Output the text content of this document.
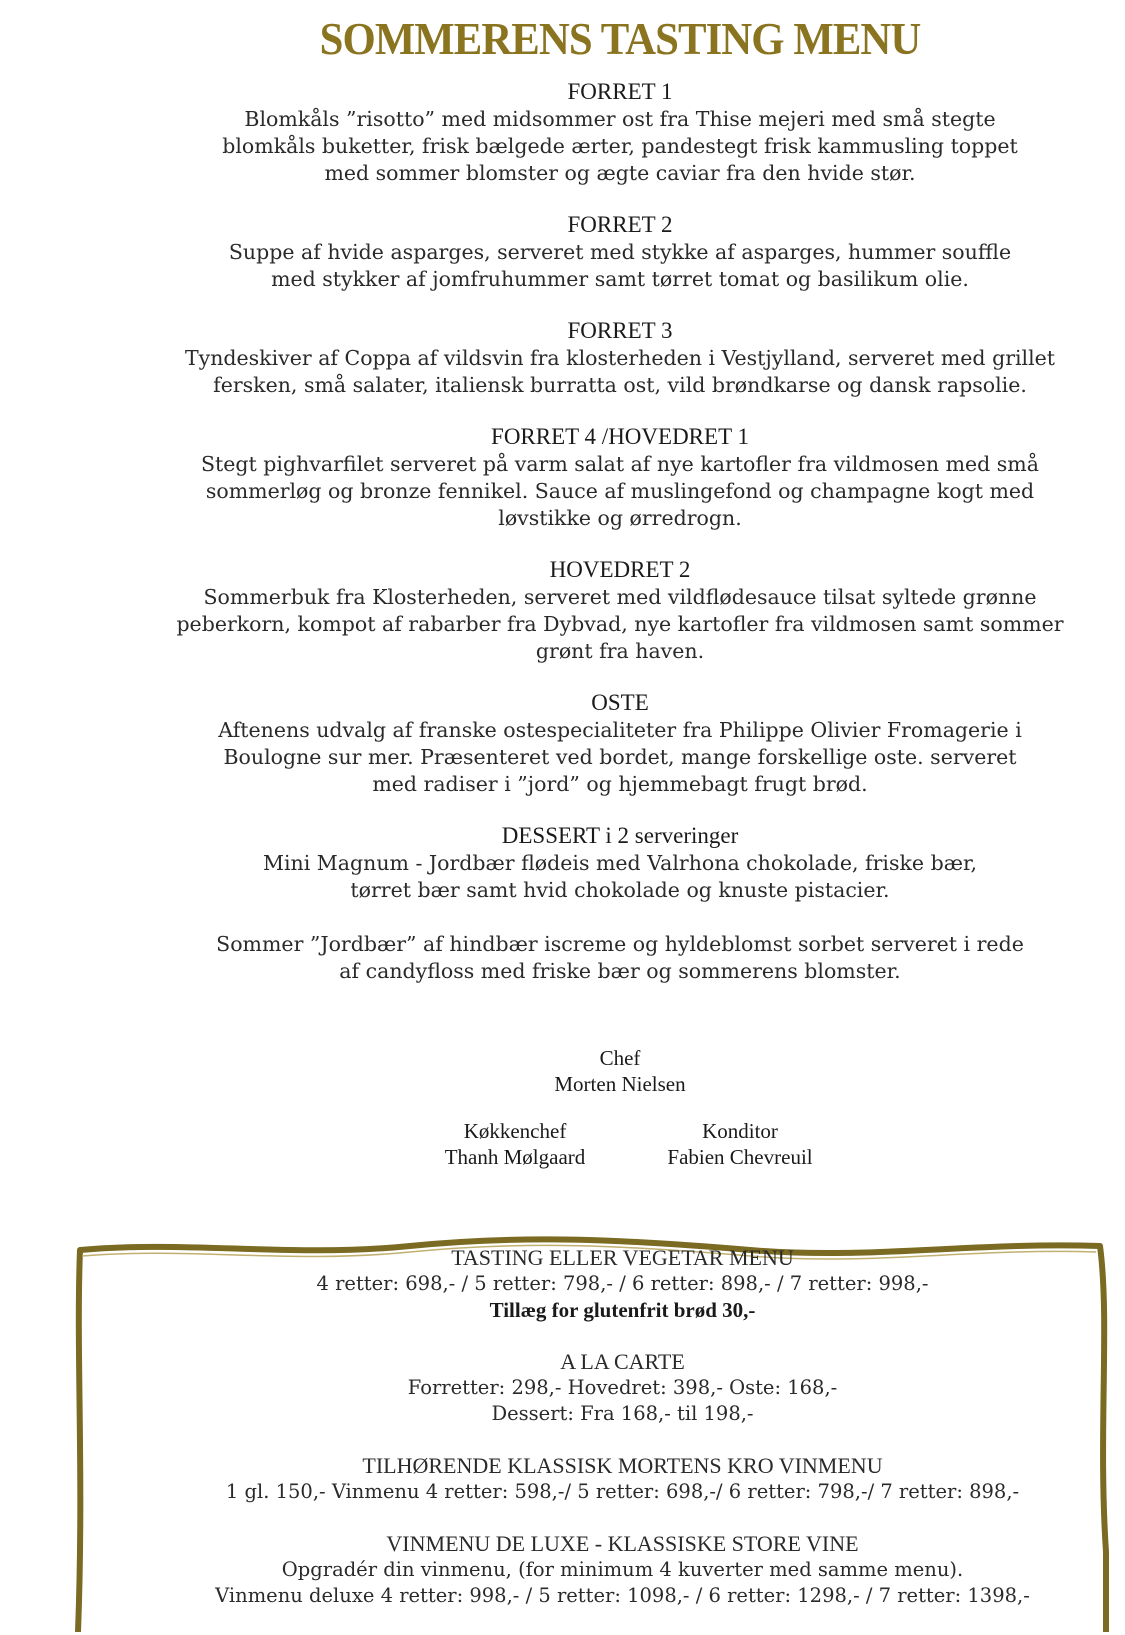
SOMMERENS TASTING MENU
FORRET 1

Blomkåls ”risotto” med midsommer ost fra Thise mejeri med små stegte

blomkåls buketter, frisk bælgede ærter, pandestegt frisk kammusling toppet

med sommer blomster og ægte caviar fra den hvide stør.

FORRET 2

Suppe af hvide asparges, serveret med stykke af asparges, hummer souffle

med stykker af jomfruhummer samt tørret tomat og basilikum olie.

FORRET 3

Tyndeskiver af Coppa af vildsvin fra klosterheden i Vestjylland, serveret med grillet

fersken, små salater, italiensk burratta ost, vild brøndkarse og dansk rapsolie.

FORRET 4 /HOVEDRET 1

Stegt pighvarfilet serveret på varm salat af nye kartofler fra vildmosen med små

sommerløg og bronze fennikel. Sauce af muslingefond og champagne kogt med

løvstikke og ørredrogn.

HOVEDRET 2

Sommerbuk fra Klosterheden, serveret med vildflødesauce tilsat syltede grønne

peberkorn, kompot af rabarber fra Dybvad, nye kartofler fra vildmosen samt sommer

grønt fra haven.

OSTE

Aftenens udvalg af franske ostespecialiteter fra Philippe Olivier Fromagerie i

Boulogne sur mer. Præsenteret ved bordet, mange forskellige oste. serveret

med radiser i ”jord” og hjemmebagt frugt brød.

DESSERT i 2 serveringer

Mini Magnum - Jordbær flødeis med Valrhona chokolade, friske bær,

tørret bær samt hvid chokolade og knuste pistacier.

Sommer ”Jordbær” af hindbær iscreme og hyldeblomst sorbet serveret i rede

af candyfloss med friske bær og sommerens blomster.

Chef
Morten Nielsen
Køkkenchef
Thanh Mølgaard
Konditor
Fabien Chevreuil
TASTING ELLER VEGETAR MENU
4 retter: 698,- / 5 retter: 798,- / 6 retter: 898,- / 7 retter: 998,-
Tillæg for glutenfrit brød 30,-
A LA CARTE
Forretter: 298,- Hovedret: 398,- Oste: 168,-
Dessert: Fra 168,- til 198,-
TILHØRENDE KLASSISK MORTENS KRO VINMENU
1 gl. 150,- Vinmenu 4 retter: 598,-/ 5 retter: 698,-/ 6 retter: 798,-/ 7 retter: 898,-
VINMENU DE LUXE - KLASSISKE STORE VINE
Opgradér din vinmenu, (for minimum 4 kuverter med samme menu).
Vinmenu deluxe 4 retter: 998,- / 5 retter: 1098,- / 6 retter: 1298,- / 7 retter: 1398,-
